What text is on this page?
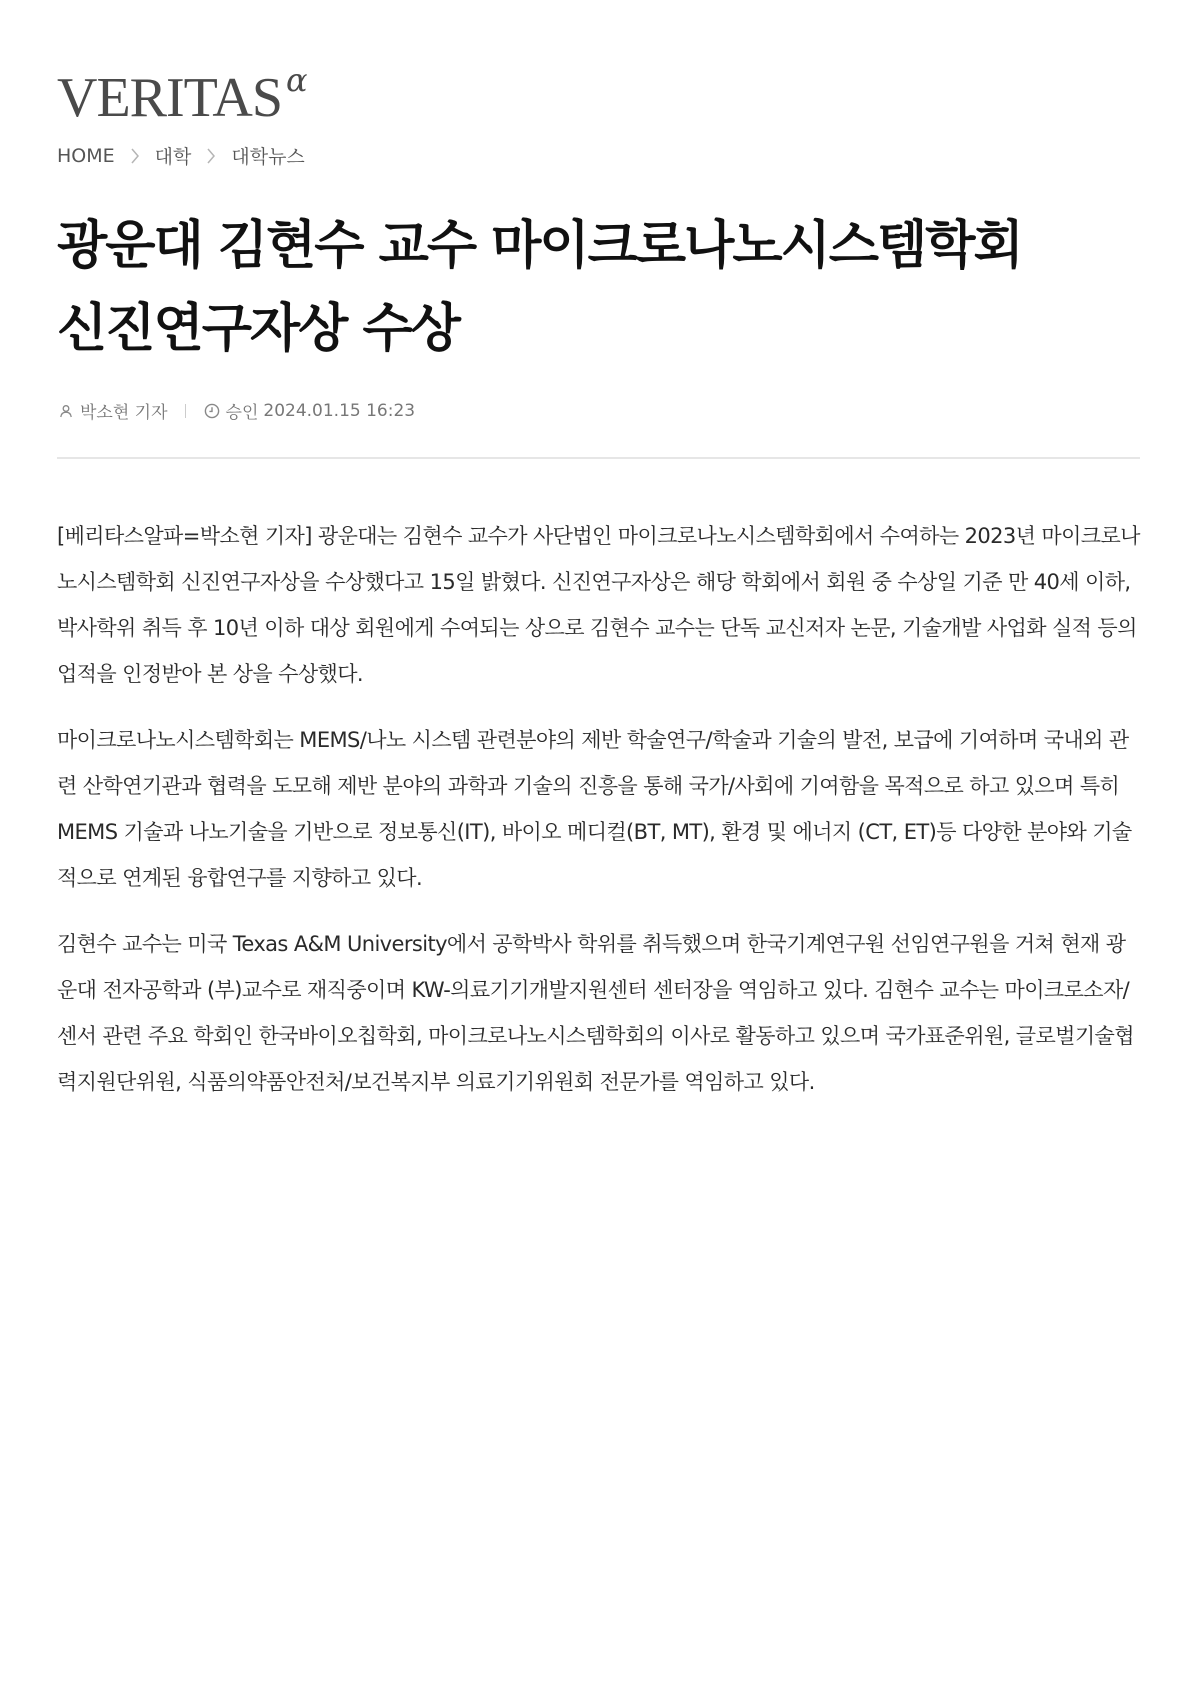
VERITAS α
HOME 대학 대학뉴스
광운대 김현수 교수 마이크로나노시스템학회
신진연구자상 수상
박소현 기자	승인 2024.01.15 16:23

[베리타스알파=박소현 기자] 광운대는 김현수 교수가 사단법인 마이크로나노시스템학회에서 수여하는 2023년 마이크로나노시스템학회 신진연구자상을 수상했다고 15일 밝혔다. 신진연구자상은 해당 학회에서 회원 중 수상일 기준 만 40세 이하, 박사학위 취득 후 10년 이하 대상 회원에게 수여되는 상으로 김현수 교수는 단독 교신저자 논문, 기술개발 사업화 실적 등의 업적을 인정받아 본 상을 수상했다.

마이크로나노시스템학회는 MEMS/나노 시스템 관련분야의 제반 학술연구/학술과 기술의 발전, 보급에 기여하며 국내외 관련 산학연기관과 협력을 도모해 제반 분야의 과학과 기술의 진흥을 통해 국가/사회에 기여함을 목적으로 하고 있으며 특히 MEMS 기술과 나노기술을 기반으로 정보통신(IT), 바이오 메디컬(BT, MT), 환경 및 에너지 (CT, ET)등 다양한 분야와 기술적으로 연계된 융합연구를 지향하고 있다.

김현수 교수는 미국 Texas A&M University에서 공학박사 학위를 취득했으며 한국기계연구원 선임연구원을 거쳐 현재 광운대 전자공학과 (부)교수로 재직중이며 KW-의료기기개발지원센터 센터장을 역임하고 있다. 김현수 교수는 마이크로소자/센서 관련 주요 학회인 한국바이오칩학회, 마이크로나노시스템학회의 이사로 활동하고 있으며 국가표준위원, 글로벌기술협력지원단위원, 식품의약품안전처/보건복지부 의료기기위원회 전문가를 역임하고 있다.
